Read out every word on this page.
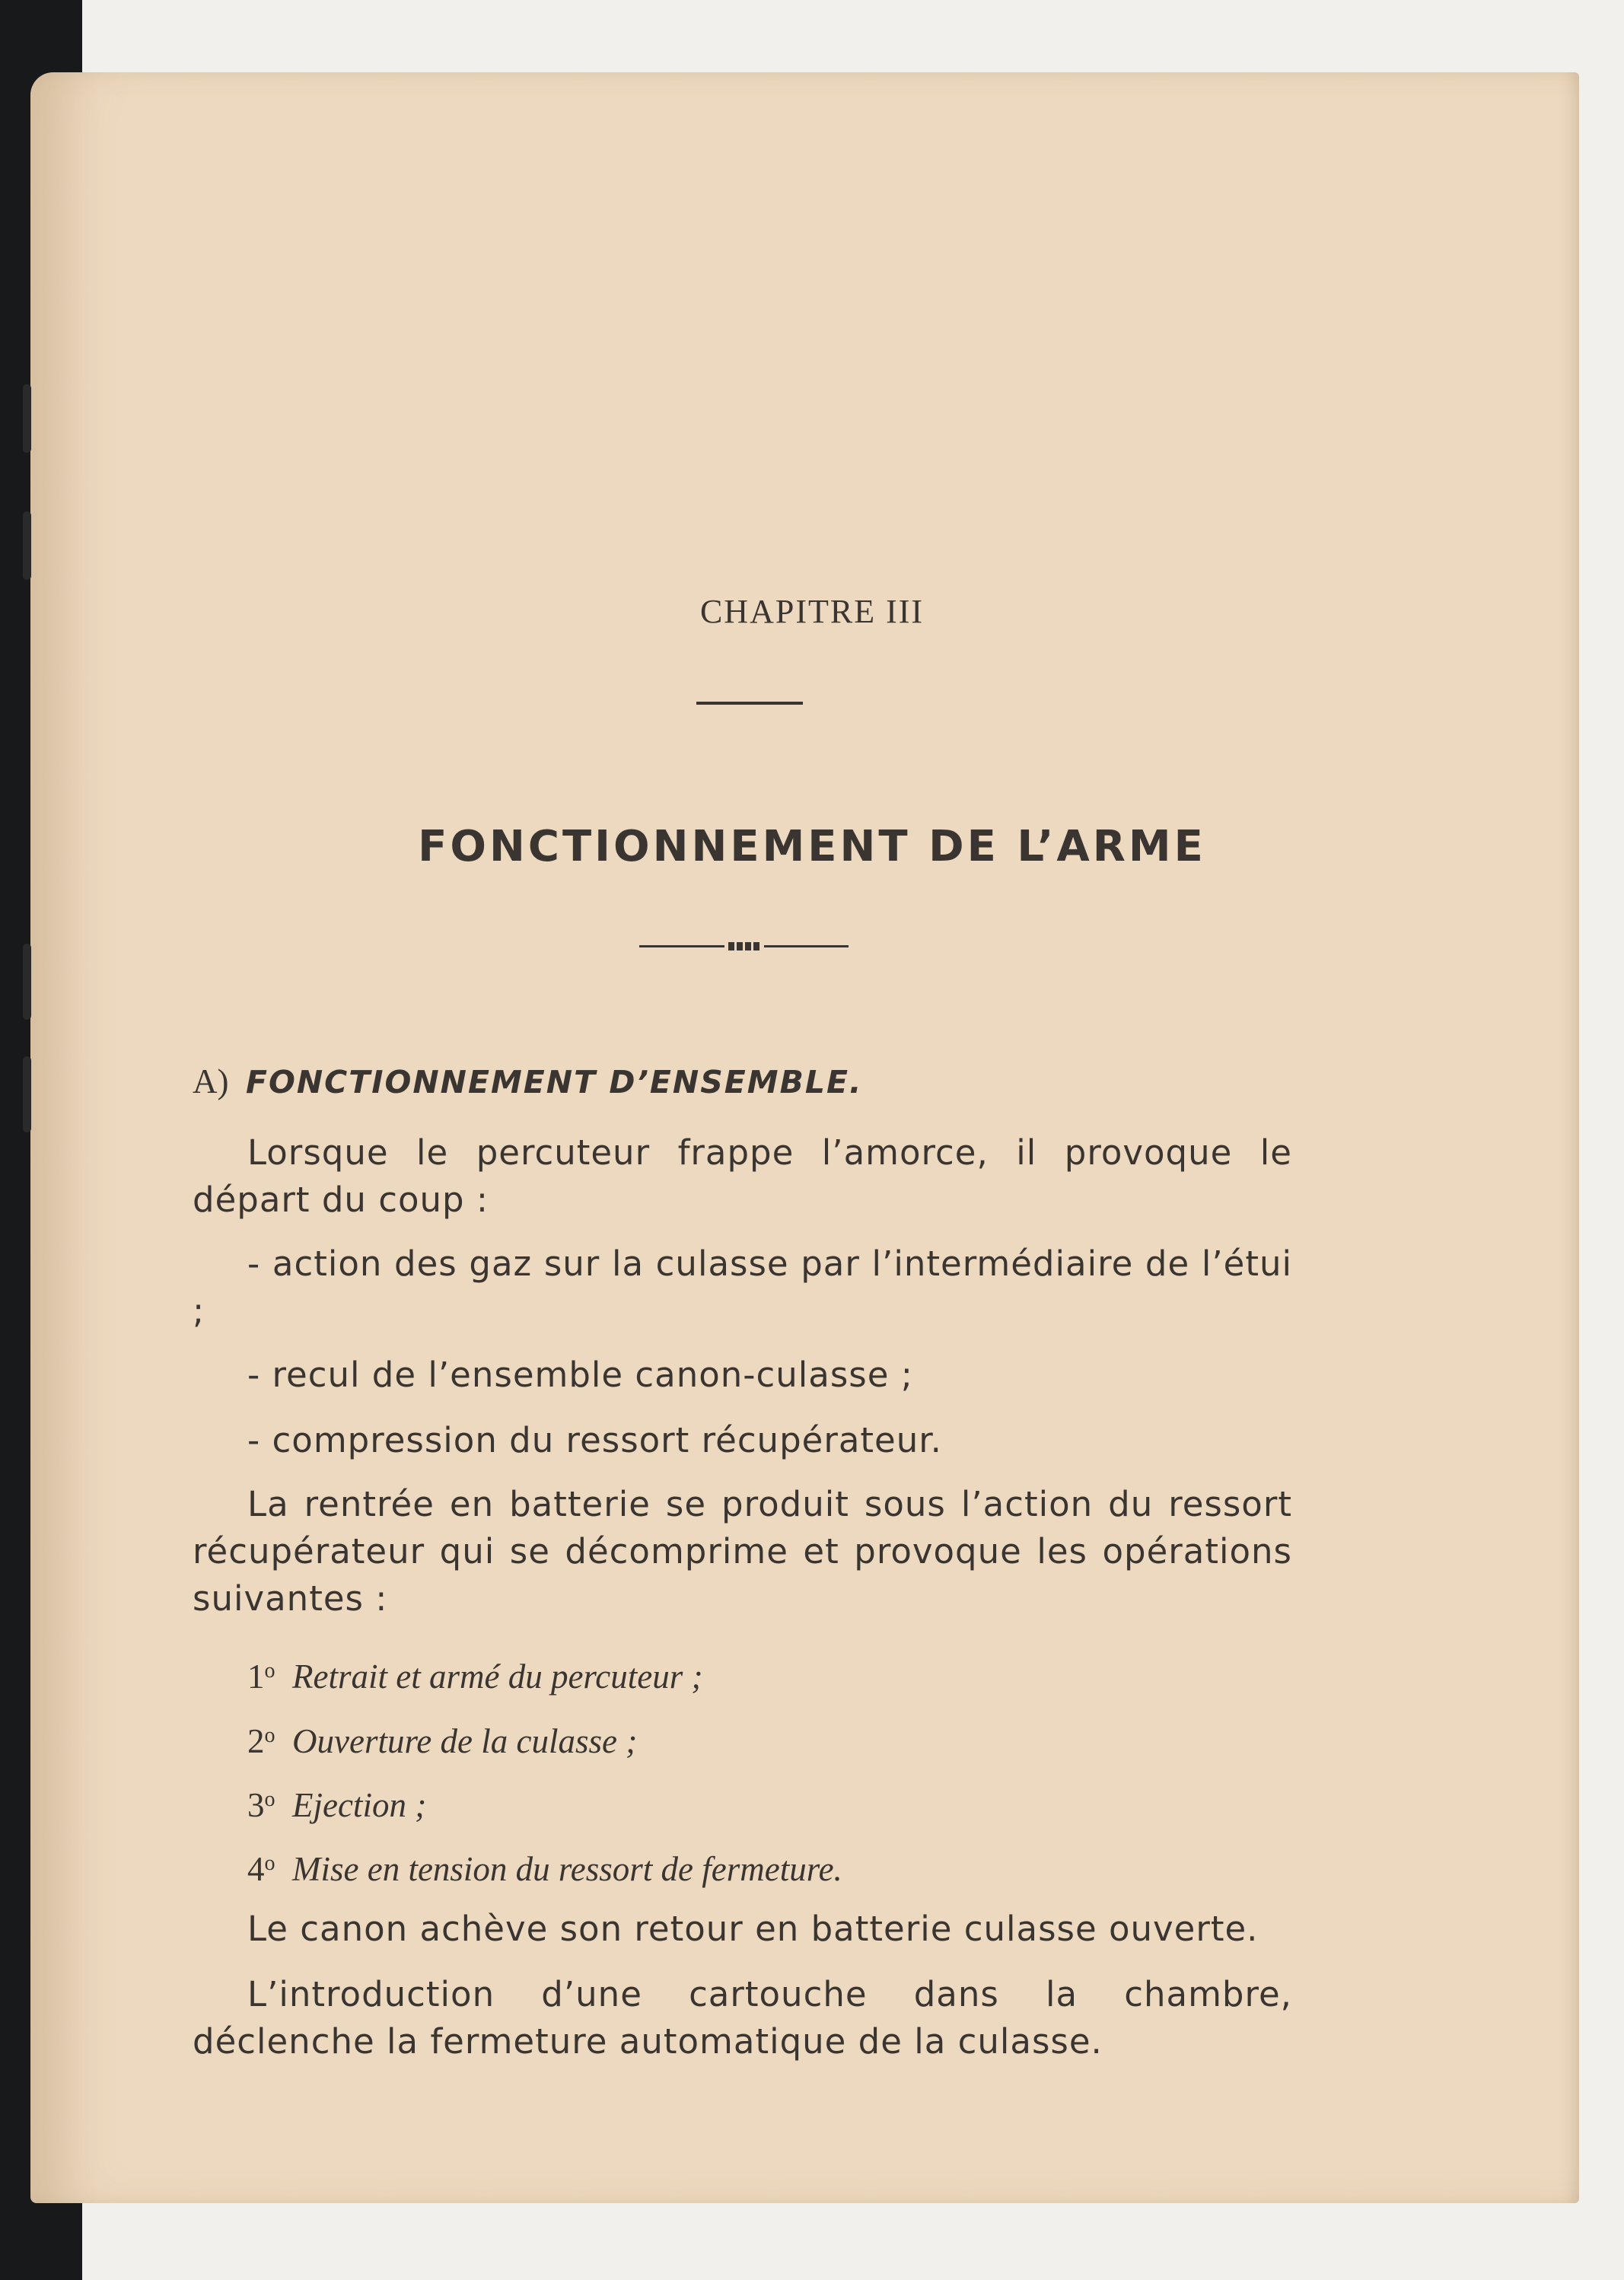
CHAPITRE III
FONCTIONNEMENT DE L’ARME
A) FONCTIONNEMENT D’ENSEMBLE.
Lorsque le percuteur frappe l’amorce, il provoque le départ du coup :
- action des gaz sur la culasse par l’intermédiaire de l’étui ;
- recul de l’ensemble canon-culasse ;
- compression du ressort récupérateur.
La rentrée en batterie se produit sous l’action du ressort récupérateur qui se décomprime et provoque les opérations suivantes :
1$^o$ Retrait et armé du percuteur ;
2$^o$ Ouverture de la culasse ;
3$^o$ Ejection ;
4$^o$ Mise en tension du ressort de fermeture.
Le canon achève son retour en batterie culasse ouverte.
L’introduction d’une cartouche dans la chambre, déclenche la fermeture automatique de la culasse.
